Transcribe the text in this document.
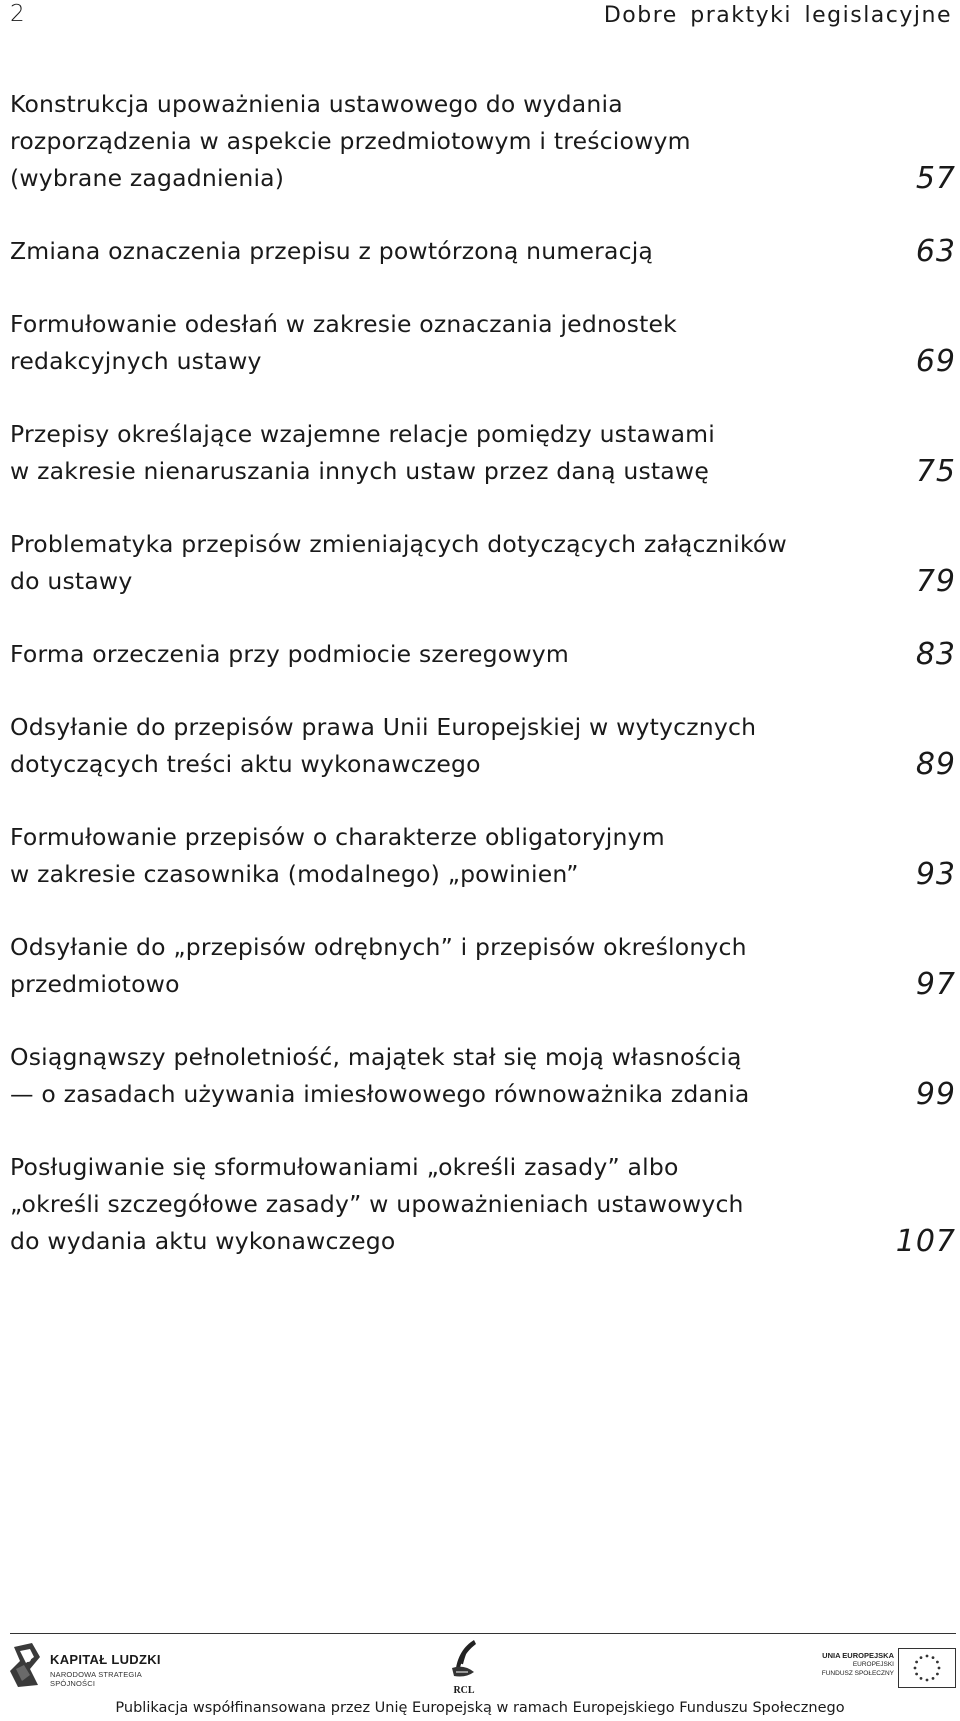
2	Dobre praktyki legislacyjne
Konstrukcja upoważnienia ustawowego do wydania
rozporządzenia w aspekcie przedmiotowym i treściowym
(wybrane zagadnienia)	57
Zmiana oznaczenia przepisu z powtórzoną numeracją	63
Formułowanie odesłań w zakresie oznaczania jednostek
redakcyjnych ustawy	69
Przepisy określające wzajemne relacje pomiędzy ustawami
w zakresie nienaruszania innych ustaw przez daną ustawę	75
Problematyka przepisów zmieniających dotyczących załączników
do ustawy	79
Forma orzeczenia przy podmiocie szeregowym	83
Odsyłanie do przepisów prawa Unii Europejskiej w wytycznych
dotyczących treści aktu wykonawczego	89
Formułowanie przepisów o charakterze obligatoryjnym
w zakresie czasownika (modalnego) „powinien”	93
Odsyłanie do „przepisów odrębnych” i przepisów określonych
przedmiotowo	97
Osiągnąwszy pełnoletniość, majątek stał się moją własnością
— o zasadach używania imiesłowowego równoważnika zdania	99
Posługiwanie się sformułowaniami „określi zasady” albo
„określi szczegółowe zasady” w upoważnieniach ustawowych
do wydania aktu wykonawczego	107
KAPITAŁ LUDZKI
NARODOWA STRATEGIA SPÓJNOŚCI
RCL
UNIA EUROPEJSKA
EUROPEJSKI
FUNDUSZ SPOŁECZNY
Publikacja współfinansowana przez Unię Europejską w ramach Europejskiego Funduszu Społecznego
